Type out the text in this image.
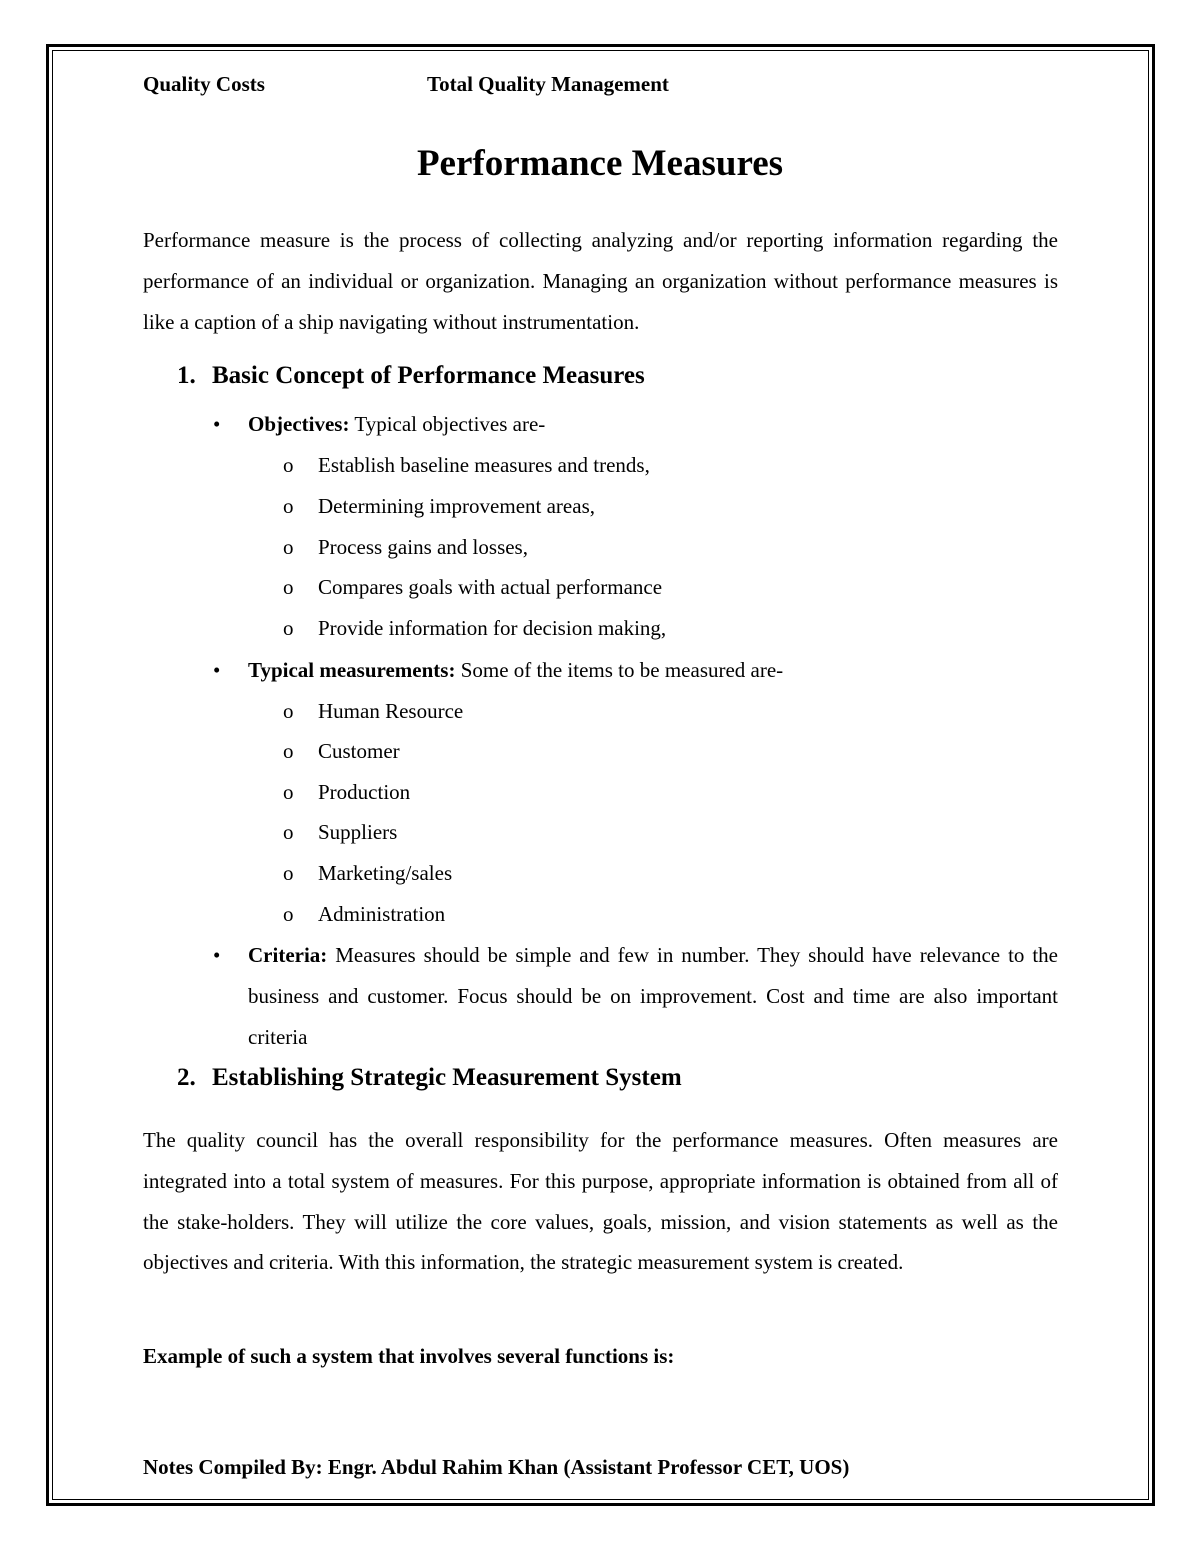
Quality Costs	Total Quality Management
Performance Measures

Performance measure is the process of collecting analyzing and/or reporting information regarding the performance of an individual or organization. Managing an organization without performance measures is like a caption of a ship navigating without instrumentation.

1. Basic Concept of Performance Measures
•	Objectives: Typical objectives are-
o	Establish baseline measures and trends,
o	Determining improvement areas,
o	Process gains and losses,
o	Compares goals with actual performance
o	Provide information for decision making,
•	Typical measurements: Some of the items to be measured are-
o	Human Resource
o	Customer
o	Production
o	Suppliers
o	Marketing/sales
o	Administration
•	Criteria: Measures should be simple and few in number. They should have relevance to the business and customer. Focus should be on improvement. Cost and time are also important criteria
2. Establishing Strategic Measurement System

The quality council has the overall responsibility for the performance measures. Often measures are integrated into a total system of measures. For this purpose, appropriate information is obtained from all of the stake-holders. They will utilize the core values, goals, mission, and vision statements as well as the objectives and criteria. With this information, the strategic measurement system is created.

Example of such a system that involves several functions is:

Notes Compiled By: Engr. Abdul Rahim Khan (Assistant Professor CET, UOS)
